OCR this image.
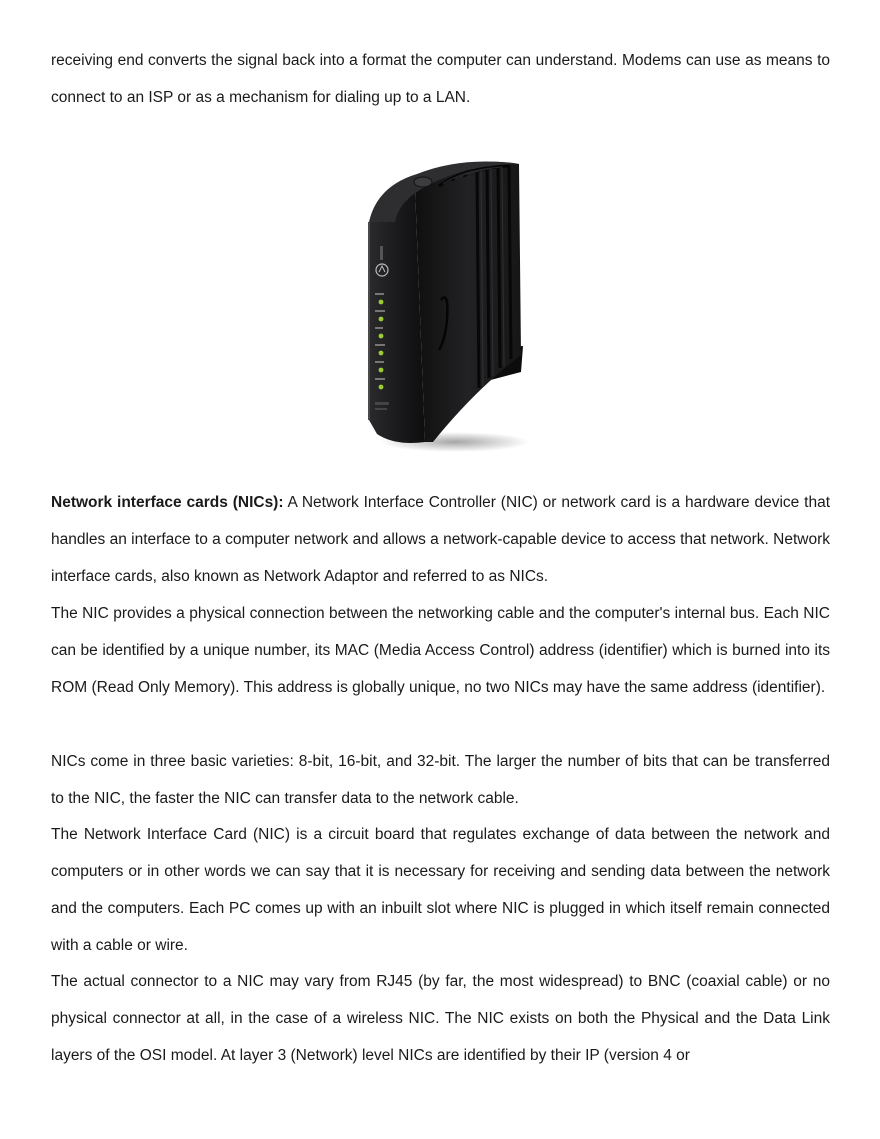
receiving end converts the signal back into a format the computer can understand. Modems can use as means to connect to an ISP or as a mechanism for dialing up to a LAN.

Network interface cards (NICs): A Network Interface Controller (NIC) or network card is a hardware device that handles an interface to a computer network and allows a network-capable device to access that network. Network interface cards, also known as Network Adaptor and referred to as NICs.

The NIC provides a physical connection between the networking cable and the computer's internal bus. Each NIC can be identified by a unique number, its MAC (Media Access Control) address (identifier) which is burned into its ROM (Read Only Memory). This address is globally unique, no two NICs may have the same address (identifier).

NICs come in three basic varieties: 8-bit, 16-bit, and 32-bit. The larger the number of bits that can be transferred to the NIC, the faster the NIC can transfer data to the network cable.

The Network Interface Card (NIC) is a circuit board that regulates exchange of data between the network and computers or in other words we can say that it is necessary for receiving and sending data between the network and the computers. Each PC comes up with an inbuilt slot where NIC is plugged in which itself remain connected with a cable or wire.

The actual connector to a NIC may vary from RJ45 (by far, the most widespread) to BNC (coaxial cable) or no physical connector at all, in the case of a wireless NIC. The NIC exists on both the Physical and the Data Link layers of the OSI model. At layer 3 (Network) level NICs are identified by their IP (version 4 or
